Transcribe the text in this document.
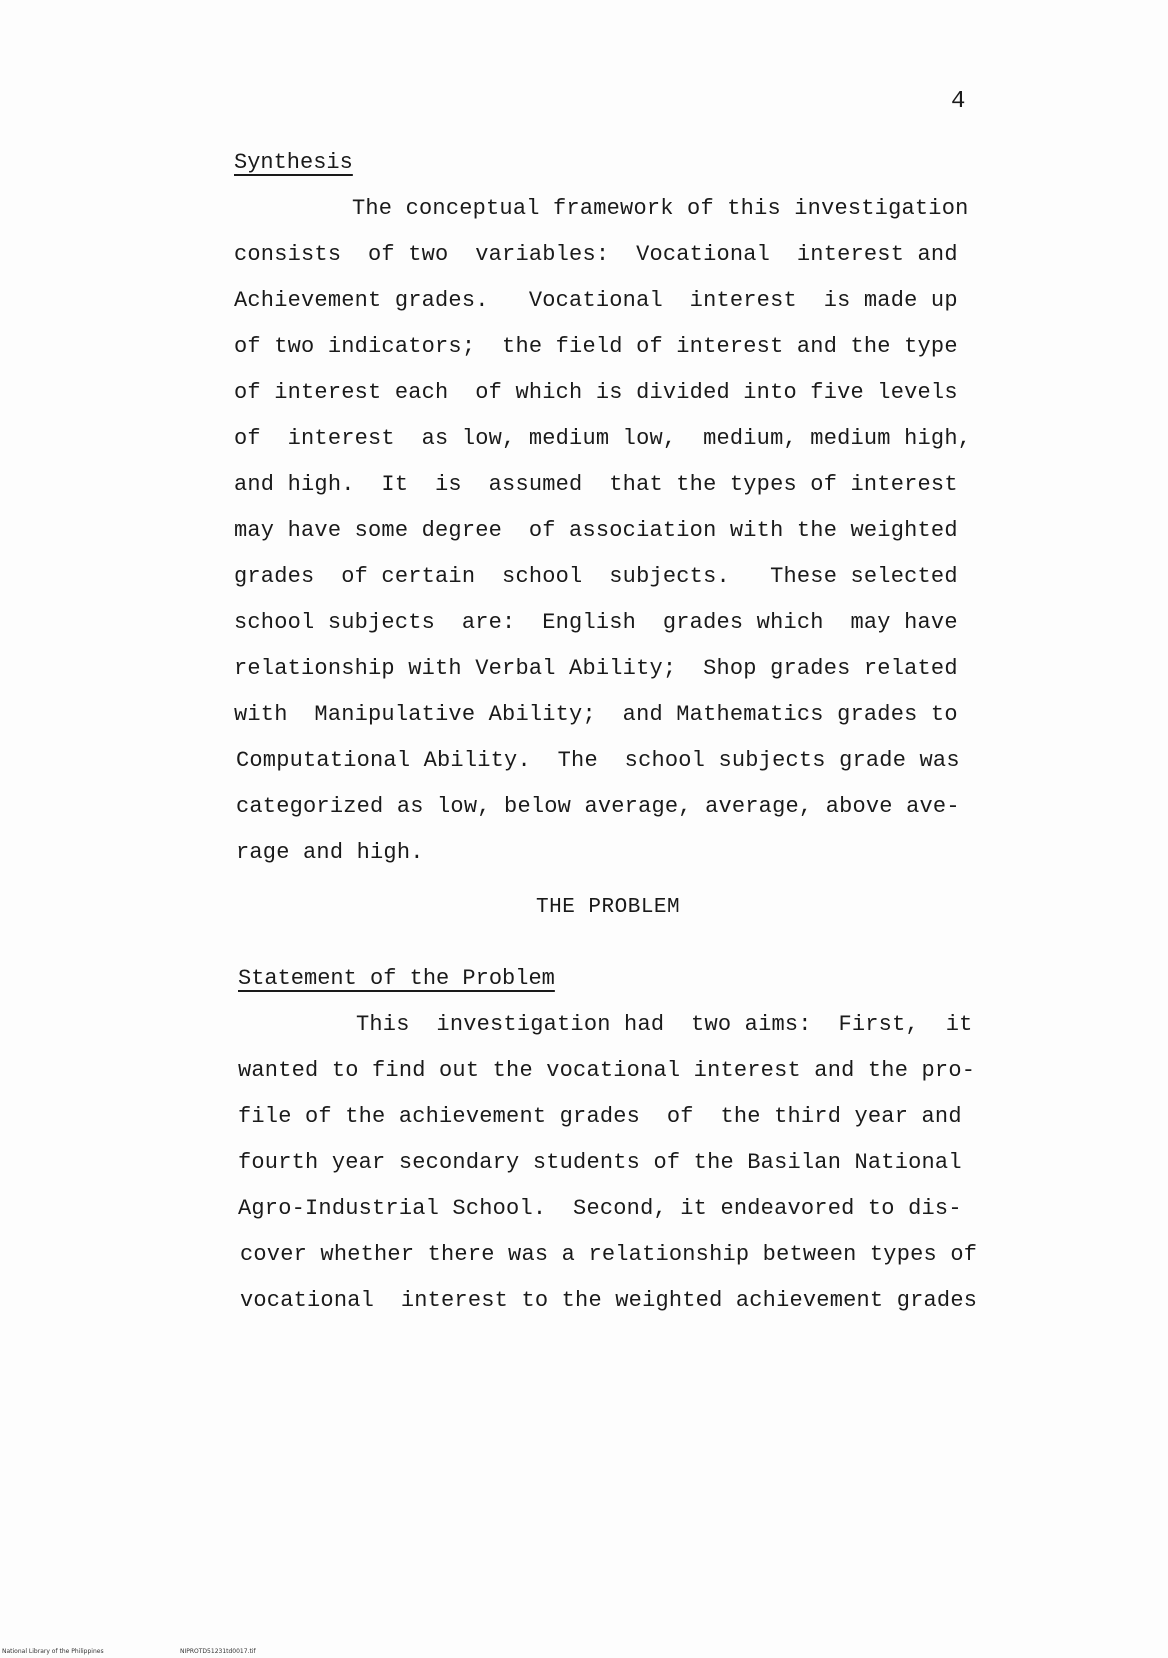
4
Synthesis
The conceptual framework of this investigation
consists  of two  variables:  Vocational  interest and
Achievement grades.   Vocational  interest  is made up
of two indicators;  the field of interest and the type
of interest each  of which is divided into five levels
of  interest  as low, medium low,  medium, medium high,
and high.  It  is  assumed  that the types of interest
may have some degree  of association with the weighted
grades  of certain  school  subjects.   These selected
school subjects  are:  English  grades which  may have
relationship with Verbal Ability;  Shop grades related
with  Manipulative Ability;  and Mathematics grades to
Computational Ability.  The  school subjects grade was
categorized as low, below average, average, above ave-
rage and high.
THE PROBLEM
Statement of the Problem
This  investigation had  two aims:  First,  it
wanted to find out the vocational interest and the pro-
file of the achievement grades  of  the third year and
fourth year secondary students of the Basilan National
Agro-Industrial School.  Second, it endeavored to dis-
cover whether there was a relationship between types of
vocational  interest to the weighted achievement grades
National Library of the Philippines	NIPROTD51231td0017.tif
